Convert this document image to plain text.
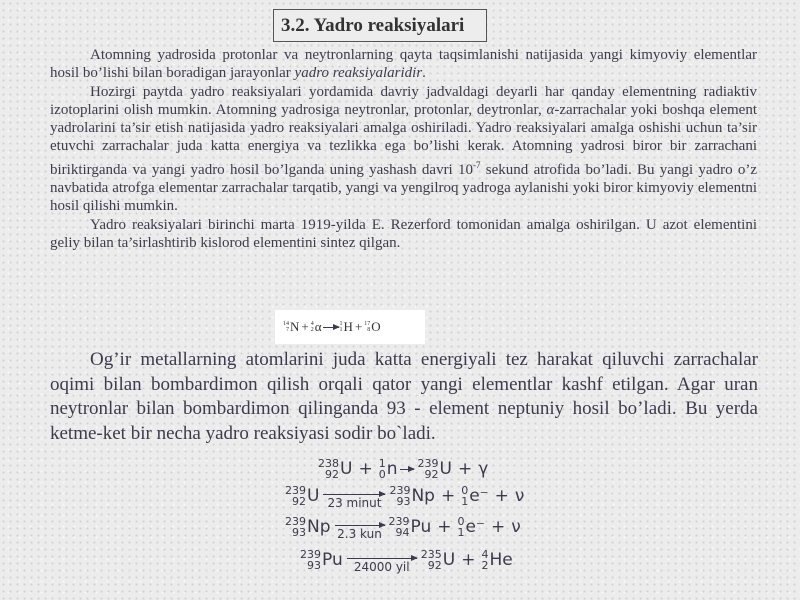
3.2. Yadro reaksiyalari

Atomning yadrosida protonlar va neytronlarning qayta taqsimlanishi natijasida yangi kimyoviy elementlar hosil bo’lishi bilan boradigan jarayonlar yadro reaksiyalaridir.

Hozirgi paytda yadro reaksiyalari yordamida davriy jadvaldagi deyarli har qanday elementning radiaktiv izotoplarini olish mumkin. Atomning yadrosiga neytronlar, protonlar, deytronlar, α-zarrachalar yoki boshqa element yadrolarini ta’sir etish natijasida yadro reaksiyalari amalga oshiriladi. Yadro reaksiyalari amalga oshishi uchun ta’sir etuvchi zarrachalar juda katta energiya va tezlikka ega bo’lishi kerak. Atomning yadrosi biror bir zarrachani biriktirganda va yangi yadro hosil bo’lganda uning yashash davri $10^{-7}$ sekund atrofida bo’ladi. Bu yangi yadro o’z navbatida atrofga elementar zarrachalar tarqatib, yangi va yengilroq yadroga aylanishi yoki biror kimyoviy elementni hosil qilishi mumkin.

Yadro reaksiyalari birinchi marta 1919-yilda E. Rezerford tomonidan amalga oshirilgan. U azot elementini geliy bilan ta’sirlashtirib kislorod elementini sintez qilgan.

14
7 N + 4
2 α → 1
1 H + 17
8 O

Og’ir metallarning atomlarini juda katta energiyali tez harakat qiluvchi zarrachalar oqimi bilan bombardimon qilish orqali qator yangi elementlar kashf etilgan. Agar uran neytronlar bilan bombardimon qilinganda 93 - element neptuniy hosil bo’ladi. Bu yerda ketme-ket bir necha yadro reaksiyasi sodir bo`ladi.

238
92 U + 1
0 n 239
92 U + γ
239
92 U 23 minut
239
93 Np + 0
1 e⁻ + ν
239
93 Np 2.3 kun
239
94 Pu + 0
1 e⁻ + ν
239
93 Pu 24000 yil
235
92 U + 4
2 He
